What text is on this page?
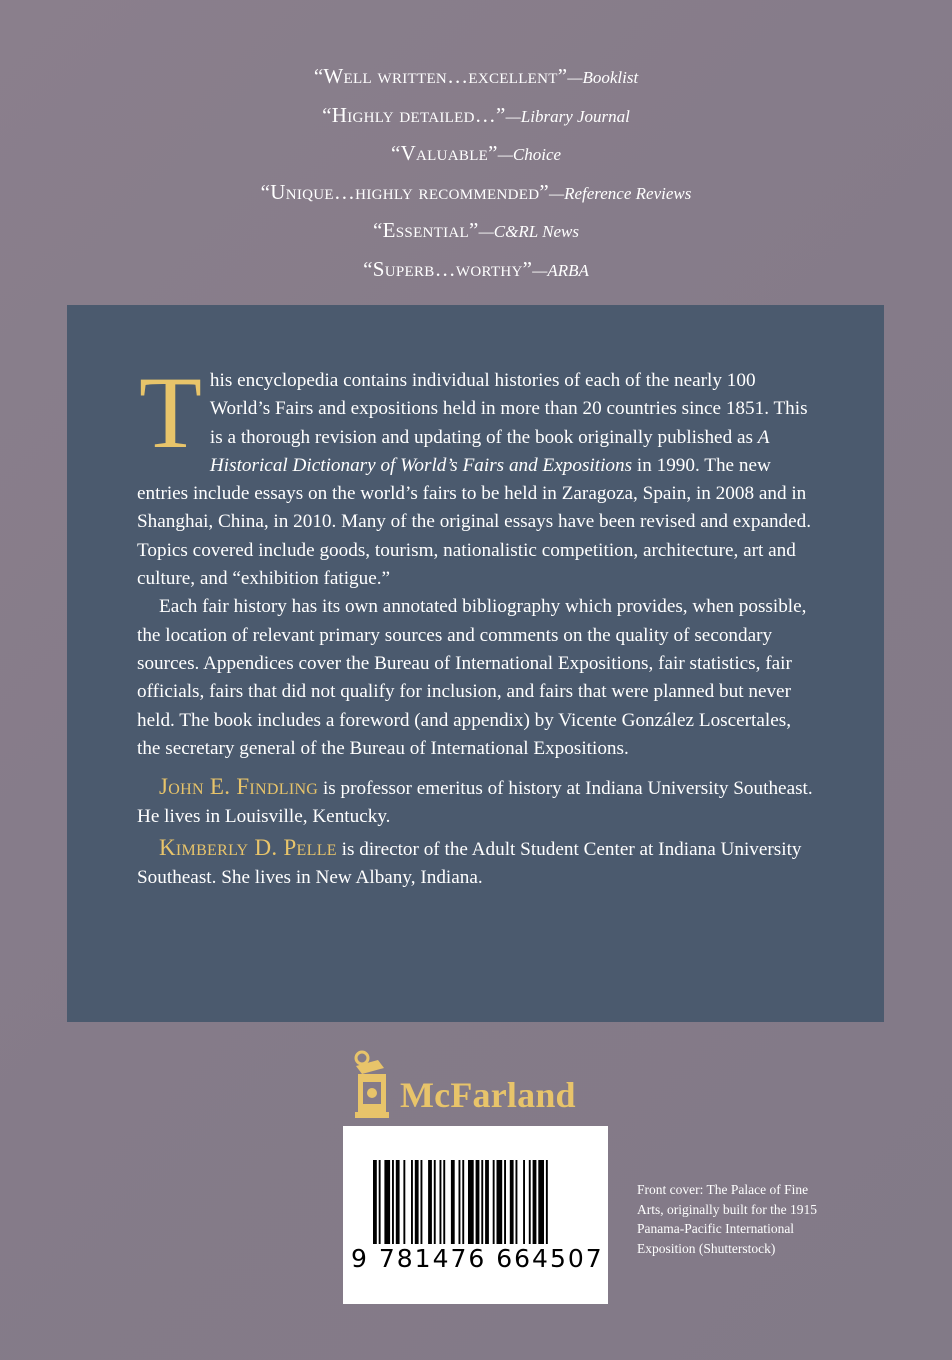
“Well written…excellent”—Booklist
“Highly detailed…”—Library Journal
“Valuable”—Choice
“Unique…highly recommended”—Reference Reviews
“Essential”—C&RL News
“Superb…worthy”—ARBA

This encyclopedia contains individual histories of each of the nearly 100 World’s Fairs and expositions held in more than 20 countries since 1851. This is a thorough revision and updating of the book originally published as A Historical Dictionary of World’s Fairs and Expositions in 1990. The new entries include essays on the world’s fairs to be held in Zaragoza, Spain, in 2008 and in Shanghai, China, in 2010. Many of the original essays have been revised and expanded. Topics covered include goods, tourism, nationalistic competition, architecture, art and culture, and “exhibition fatigue.”

Each fair history has its own annotated bibliography which provides, when possible, the location of relevant primary sources and comments on the quality of secondary sources. Appendices cover the Bureau of International Expositions, fair statistics, fair officials, fairs that did not qualify for inclusion, and fairs that were planned but never held. The book includes a foreword (and appendix) by Vicente González Loscertales, the secretary general of the Bureau of International Expositions.

John E. Findling is professor emeritus of history at Indiana University Southeast. He lives in Louisville, Kentucky.

Kimberly D. Pelle is director of the Adult Student Center at Indiana University Southeast. She lives in New Albany, Indiana.

McFarland
9 781476 664507
Front cover: The Palace of Fine Arts, originally built for the 1915 Panama-Pacific International Exposition (Shutterstock)
